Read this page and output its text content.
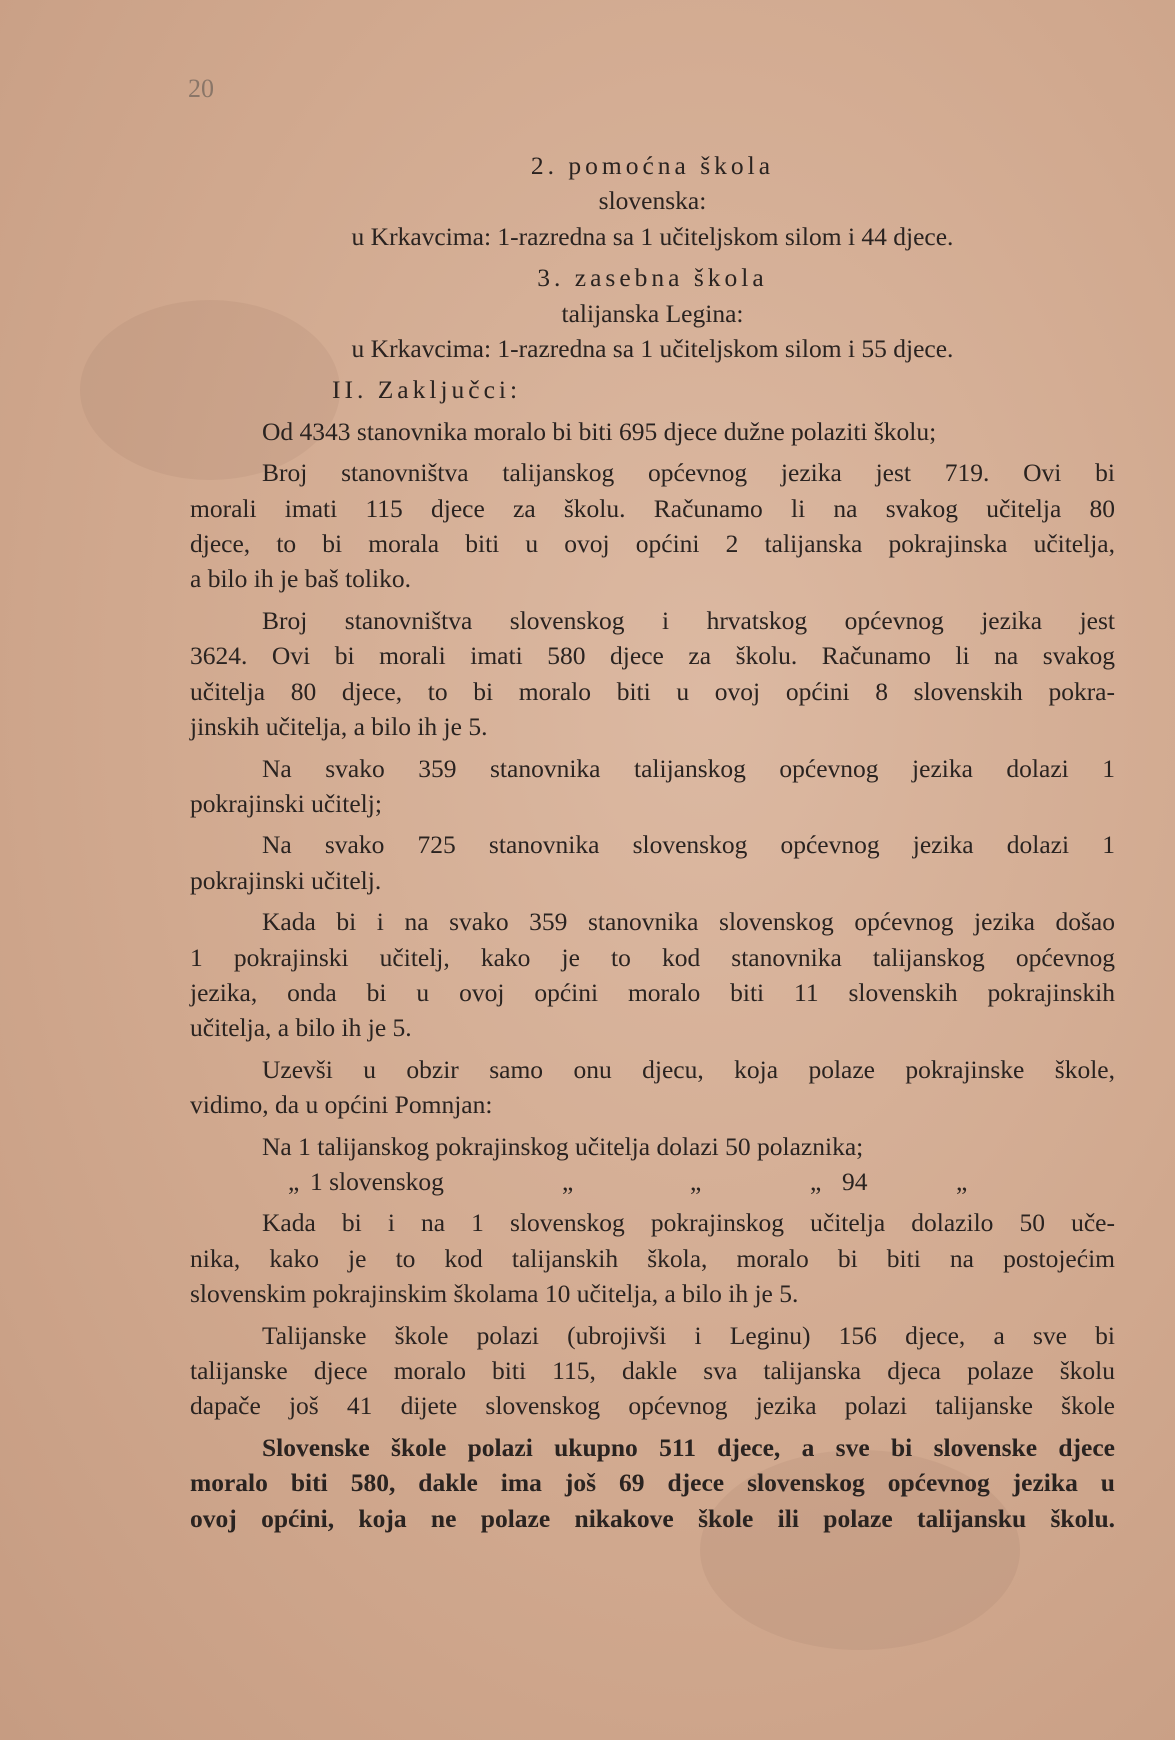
20
2. pomoćna škola
slovenska:
u Krkavcima: 1-razredna sa 1 učiteljskom silom i 44 djece.
3. zasebna škola
talijanska Legina:
u Krkavcima: 1-razredna sa 1 učiteljskom silom i 55 djece.
II. Zaključci:
Od 4343 stanovnika moralo bi biti 695 djece dužne polaziti školu;
Broj stanovništva talijanskog općevnog jezika jest 719. Ovi bi
morali imati 115 djece za školu. Računamo li na svakog učitelja 80
djece, to bi morala biti u ovoj općini 2 talijanska pokrajinska učitelja,
a bilo ih je baš toliko.
Broj stanovništva slovenskog i hrvatskog općevnog jezika jest
3624. Ovi bi morali imati 580 djece za školu. Računamo li na svakog
učitelja 80 djece, to bi moralo biti u ovoj općini 8 slovenskih pokra-
jinskih učitelja, a bilo ih je 5.
Na svako 359 stanovnika talijanskog općevnog jezika dolazi 1
pokrajinski učitelj;
Na svako 725 stanovnika slovenskog općevnog jezika dolazi 1
pokrajinski učitelj.
Kada bi i na svako 359 stanovnika slovenskog općevnog jezika došao
1 pokrajinski učitelj, kako je to kod stanovnika talijanskog općevnog
jezika, onda bi u ovoj općini moralo biti 11 slovenskih pokrajinskih
učitelja, a bilo ih je 5.
Uzevši u obzir samo onu djecu, koja polaze pokrajinske škole,
vidimo, da u općini Pomnjan:
Na 1 talijanskog pokrajinskog učitelja dolazi 50 polaznika;
„ 1 slovenskog	„	„	„ 94	„
Kada bi i na 1 slovenskog pokrajinskog učitelja dolazilo 50 uče-
nika, kako je to kod talijanskih škola, moralo bi biti na postojećim
slovenskim pokrajinskim školama 10 učitelja, a bilo ih je 5.
Talijanske škole polazi (ubrojivši i Leginu) 156 djece, a sve bi
talijanske djece moralo biti 115, dakle sva talijanska djeca polaze školu
dapače još 41 dijete slovenskog općevnog jezika polazi talijanske škole
Slovenske škole polazi ukupno 511 djece, a sve bi slovenske djece
moralo biti 580, dakle ima još 69 djece slovenskog općevnog jezika u
ovoj općini, koja ne polaze nikakove škole ili polaze talijansku školu.
